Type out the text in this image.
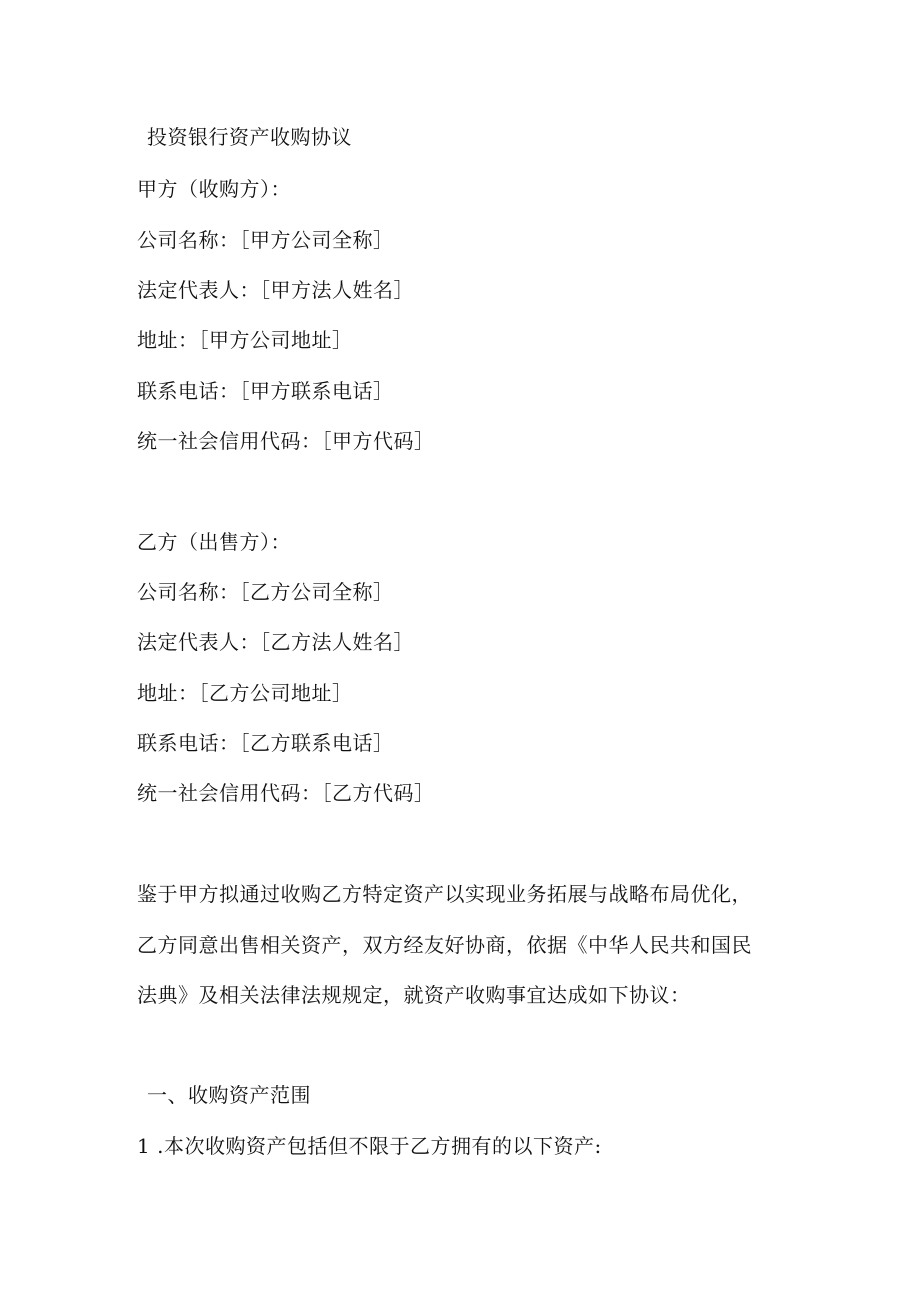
投资银行资产收购协议
甲方（收购方）：
公司名称：［甲方公司全称］
法定代表人：［甲方法人姓名］
地址：［甲方公司地址］
联系电话：［甲方联系电话］
统一社会信用代码：［甲方代码］
乙方（出售方）：
公司名称：［乙方公司全称］
法定代表人：［乙方法人姓名］
地址：［乙方公司地址］
联系电话：［乙方联系电话］
统一社会信用代码：［乙方代码］
鉴于甲方拟通过收购乙方特定资产以实现业务拓展与战略布局优化，
乙方同意出售相关资产，双方经友好协商，依据《中华人民共和国民
法典》及相关法律法规规定，就资产收购事宜达成如下协议：
一、收购资产范围
1 .本次收购资产包括但不限于乙方拥有的以下资产:
